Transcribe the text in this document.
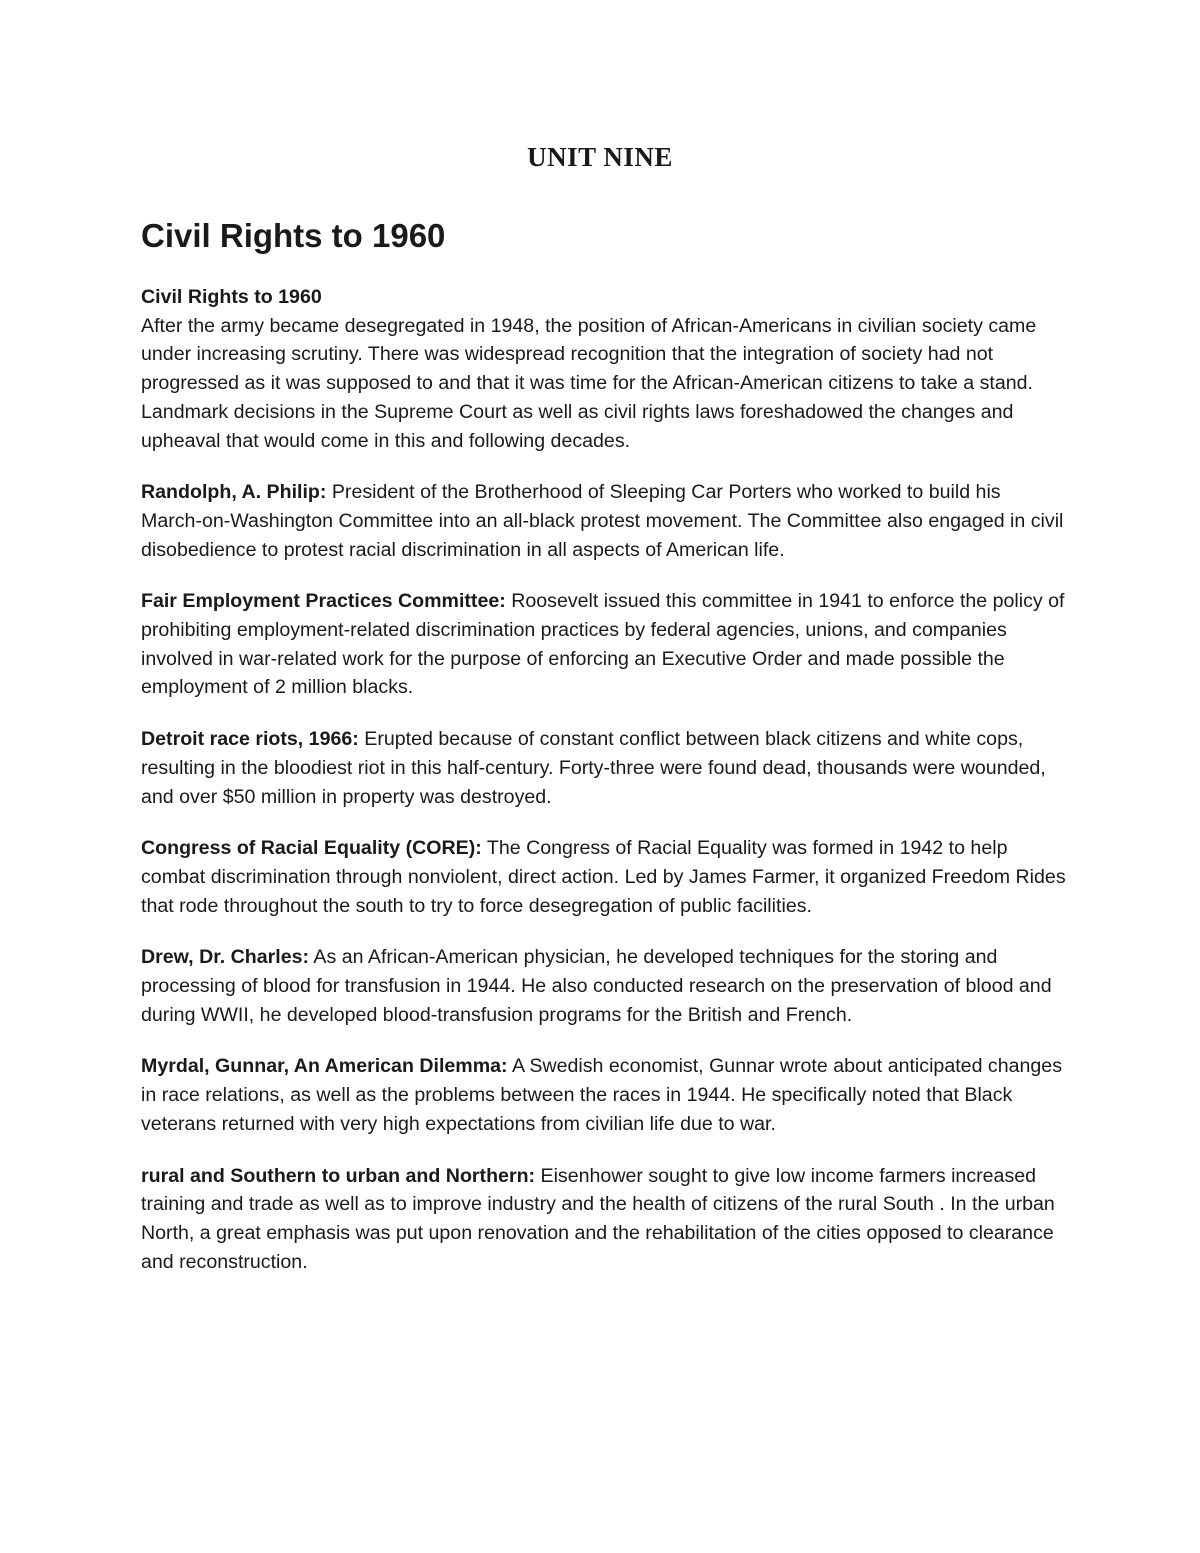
UNIT NINE
Civil Rights to 1960

Civil Rights to 1960

After the army became desegregated in 1948, the position of African-Americans in civilian society came under increasing scrutiny. There was widespread recognition that the integration of society had not progressed as it was supposed to and that it was time for the African-American citizens to take a stand. Landmark decisions in the Supreme Court as well as civil rights laws foreshadowed the changes and upheaval that would come in this and following decades.

Randolph, A. Philip: President of the Brotherhood of Sleeping Car Porters who worked to build his March-on-Washington Committee into an all-black protest movement. The Committee also engaged in civil disobedience to protest racial discrimination in all aspects of American life.

Fair Employment Practices Committee: Roosevelt issued this committee in 1941 to enforce the policy of prohibiting employment-related discrimination practices by federal agencies, unions, and companies involved in war-related work for the purpose of enforcing an Executive Order and made possible the employment of 2 million blacks.

Detroit race riots, 1966: Erupted because of constant conflict between black citizens and white cops, resulting in the bloodiest riot in this half-century. Forty-three were found dead, thousands were wounded, and over $50 million in property was destroyed.

Congress of Racial Equality (CORE): The Congress of Racial Equality was formed in 1942 to help combat discrimination through nonviolent, direct action. Led by James Farmer, it organized Freedom Rides that rode throughout the south to try to force desegregation of public facilities.

Drew, Dr. Charles: As an African-American physician, he developed techniques for the storing and processing of blood for transfusion in 1944. He also conducted research on the preservation of blood and during WWII, he developed blood-transfusion programs for the British and French.

Myrdal, Gunnar, An American Dilemma: A Swedish economist, Gunnar wrote about anticipated changes in race relations, as well as the problems between the races in 1944. He specifically noted that Black veterans returned with very high expectations from civilian life due to war.

rural and Southern to urban and Northern: Eisenhower sought to give low income farmers increased training and trade as well as to improve industry and the health of citizens of the rural South . In the urban North, a great emphasis was put upon renovation and the rehabilitation of the cities opposed to clearance and reconstruction.
